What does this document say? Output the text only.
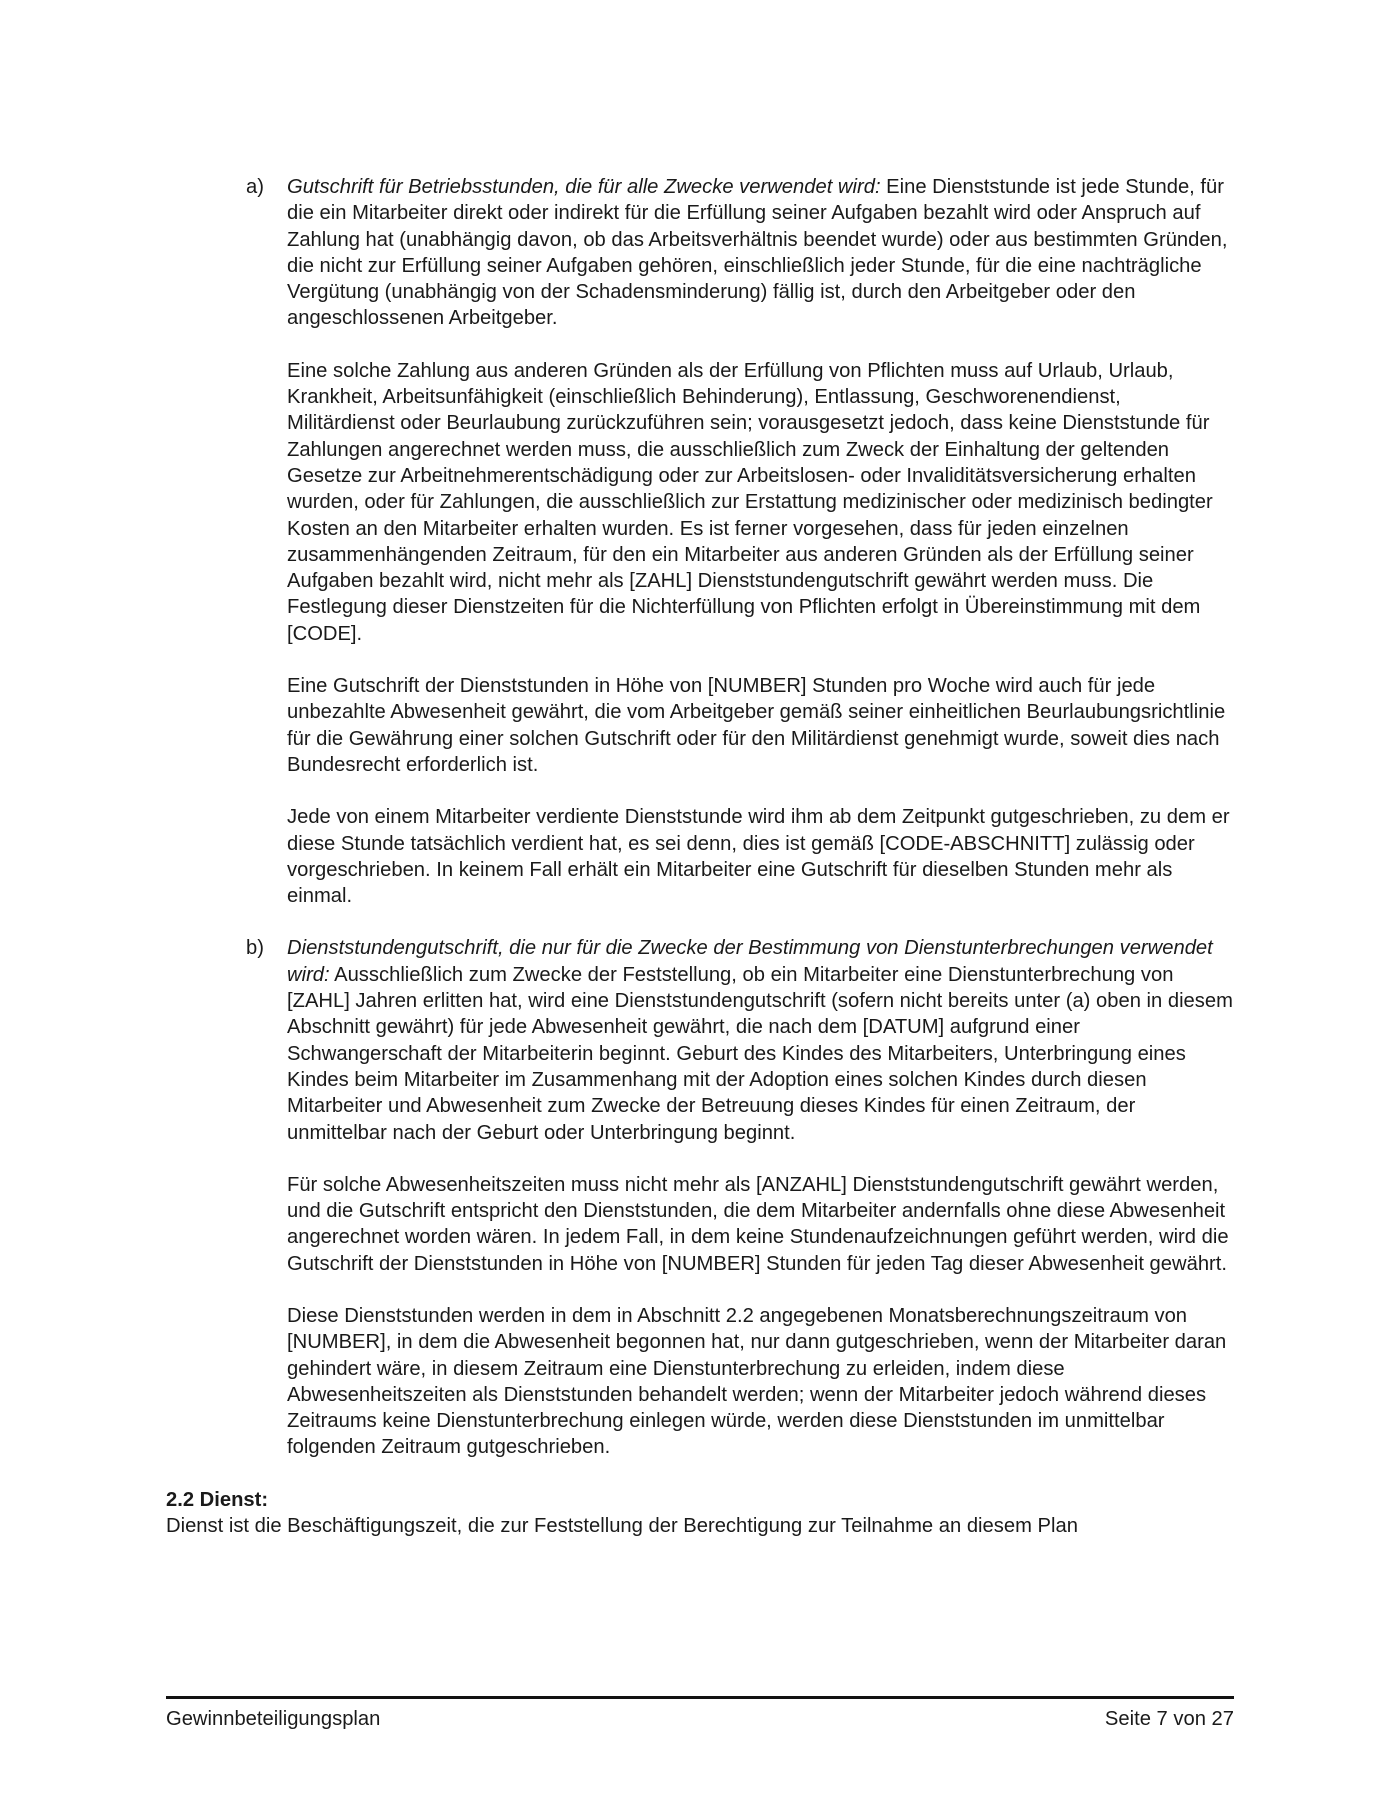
a) Gutschrift für Betriebsstunden, die für alle Zwecke verwendet wird: Eine Dienststunde ist jede Stunde, für die ein Mitarbeiter direkt oder indirekt für die Erfüllung seiner Aufgaben bezahlt wird oder Anspruch auf Zahlung hat (unabhängig davon, ob das Arbeitsverhältnis beendet wurde) oder aus bestimmten Gründen, die nicht zur Erfüllung seiner Aufgaben gehören, einschließlich jeder Stunde, für die eine nachträgliche Vergütung (unabhängig von der Schadensminderung) fällig ist, durch den Arbeitgeber oder den angeschlossenen Arbeitgeber.

Eine solche Zahlung aus anderen Gründen als der Erfüllung von Pflichten muss auf Urlaub, Urlaub, Krankheit, Arbeitsunfähigkeit (einschließlich Behinderung), Entlassung, Geschworenendienst, Militärdienst oder Beurlaubung zurückzuführen sein; vorausgesetzt jedoch, dass keine Dienststunde für Zahlungen angerechnet werden muss, die ausschließlich zum Zweck der Einhaltung der geltenden Gesetze zur Arbeitnehmerentschädigung oder zur Arbeitslosen- oder Invaliditätsversicherung erhalten wurden, oder für Zahlungen, die ausschließlich zur Erstattung medizinischer oder medizinisch bedingter Kosten an den Mitarbeiter erhalten wurden. Es ist ferner vorgesehen, dass für jeden einzelnen zusammenhängenden Zeitraum, für den ein Mitarbeiter aus anderen Gründen als der Erfüllung seiner Aufgaben bezahlt wird, nicht mehr als [ZAHL] Dienststundengutschrift gewährt werden muss. Die Festlegung dieser Dienstzeiten für die Nichterfüllung von Pflichten erfolgt in Übereinstimmung mit dem [CODE].

Eine Gutschrift der Dienststunden in Höhe von [NUMBER] Stunden pro Woche wird auch für jede unbezahlte Abwesenheit gewährt, die vom Arbeitgeber gemäß seiner einheitlichen Beurlaubungsrichtlinie für die Gewährung einer solchen Gutschrift oder für den Militärdienst genehmigt wurde, soweit dies nach Bundesrecht erforderlich ist.

Jede von einem Mitarbeiter verdiente Dienststunde wird ihm ab dem Zeitpunkt gutgeschrieben, zu dem er diese Stunde tatsächlich verdient hat, es sei denn, dies ist gemäß [CODE-ABSCHNITT] zulässig oder vorgeschrieben. In keinem Fall erhält ein Mitarbeiter eine Gutschrift für dieselben Stunden mehr als einmal.

b) Dienststundengutschrift, die nur für die Zwecke der Bestimmung von Dienstunterbrechungen verwendet wird: Ausschließlich zum Zwecke der Feststellung, ob ein Mitarbeiter eine Dienstunterbrechung von [ZAHL] Jahren erlitten hat, wird eine Dienststundengutschrift (sofern nicht bereits unter (a) oben in diesem Abschnitt gewährt) für jede Abwesenheit gewährt, die nach dem [DATUM] aufgrund einer Schwangerschaft der Mitarbeiterin beginnt. Geburt des Kindes des Mitarbeiters, Unterbringung eines Kindes beim Mitarbeiter im Zusammenhang mit der Adoption eines solchen Kindes durch diesen Mitarbeiter und Abwesenheit zum Zwecke der Betreuung dieses Kindes für einen Zeitraum, der unmittelbar nach der Geburt oder Unterbringung beginnt.

Für solche Abwesenheitszeiten muss nicht mehr als [ANZAHL] Dienststundengutschrift gewährt werden, und die Gutschrift entspricht den Dienststunden, die dem Mitarbeiter andernfalls ohne diese Abwesenheit angerechnet worden wären. In jedem Fall, in dem keine Stundenaufzeichnungen geführt werden, wird die Gutschrift der Dienststunden in Höhe von [NUMBER] Stunden für jeden Tag dieser Abwesenheit gewährt.

Diese Dienststunden werden in dem in Abschnitt 2.2 angegebenen Monatsberechnungszeitraum von [NUMBER], in dem die Abwesenheit begonnen hat, nur dann gutgeschrieben, wenn der Mitarbeiter daran gehindert wäre, in diesem Zeitraum eine Dienstunterbrechung zu erleiden, indem diese Abwesenheitszeiten als Dienststunden behandelt werden; wenn der Mitarbeiter jedoch während dieses Zeitraums keine Dienstunterbrechung einlegen würde, werden diese Dienststunden im unmittelbar folgenden Zeitraum gutgeschrieben.

2.2 Dienst:

Dienst ist die Beschäftigungszeit, die zur Feststellung der Berechtigung zur Teilnahme an diesem Plan

Gewinnbeteiligungsplan	Seite 7 von 27
